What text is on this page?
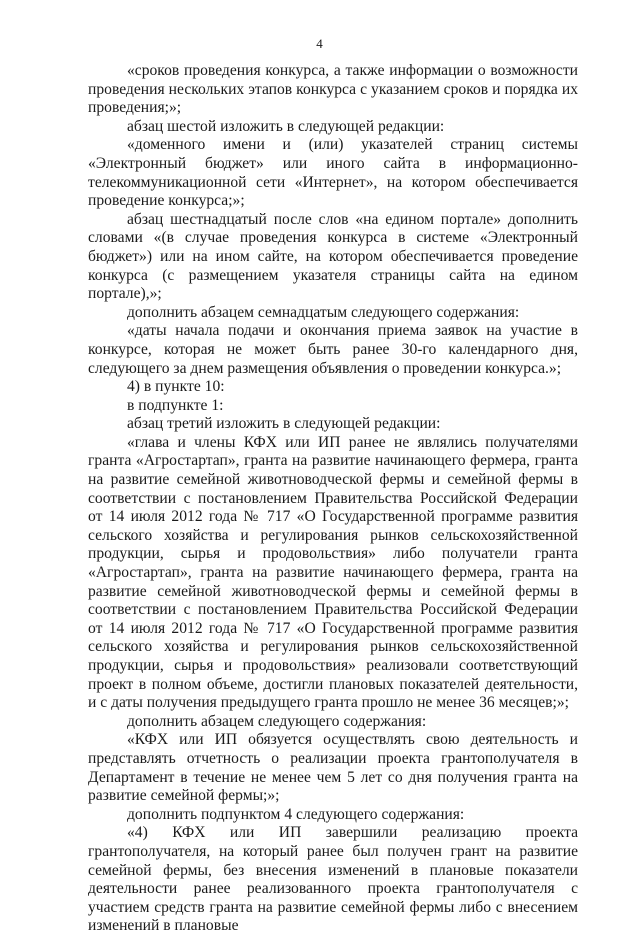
4

«сроков проведения конкурса, а также информации о возможности проведения нескольких этапов конкурса с указанием сроков и порядка их проведения;»;

абзац шестой изложить в следующей редакции:

«доменного имени и (или) указателей страниц системы «Электронный бюджет» или иного сайта в информационно-телекоммуникационной сети «Интернет», на котором обеспечивается проведение конкурса;»;

абзац шестнадцатый после слов «на едином портале» дополнить словами «(в случае проведения конкурса в системе «Электронный бюджет») или на ином сайте, на котором обеспечивается проведение конкурса (с размещением указателя страницы сайта на едином портале),»;

дополнить абзацем семнадцатым следующего содержания:

«даты начала подачи и окончания приема заявок на участие в конкурсе, которая не может быть ранее 30-го календарного дня, следующего за днем размещения объявления о проведении конкурса.»;

4) в пункте 10:

в подпункте 1:

абзац третий изложить в следующей редакции:

«глава и члены КФХ или ИП ранее не являлись получателями гранта «Агростартап», гранта на развитие начинающего фермера, гранта на развитие семейной животноводческой фермы и семейной фермы в соответствии с постановлением Правительства Российской Федерации от 14 июля 2012 года № 717 «О Государственной программе развития сельского хозяйства и регулирования рынков сельскохозяйственной продукции, сырья и продовольствия» либо получатели гранта «Агростартап», гранта на развитие начинающего фермера, гранта на развитие семейной животноводческой фермы и семейной фермы в соответствии с постановлением Правительства Российской Федерации от 14 июля 2012 года № 717 «О Государственной программе развития сельского хозяйства и регулирования рынков сельскохозяйственной продукции, сырья и продовольствия» реализовали соответствующий проект в полном объеме, достигли плановых показателей деятельности, и с даты получения предыдущего гранта прошло не менее 36 месяцев;»;

дополнить абзацем следующего содержания:

«КФХ или ИП обязуется осуществлять свою деятельность и представлять отчетность о реализации проекта грантополучателя в Департамент в течение не менее чем 5 лет со дня получения гранта на развитие семейной фермы;»;

дополнить подпунктом 4 следующего содержания:

«4) КФХ или ИП завершили реализацию проекта грантополучателя, на который ранее был получен грант на развитие семейной фермы, без внесения изменений в плановые показатели деятельности ранее реализованного проекта грантополучателя с участием средств гранта на развитие семейной фермы либо с внесением изменений в плановые
